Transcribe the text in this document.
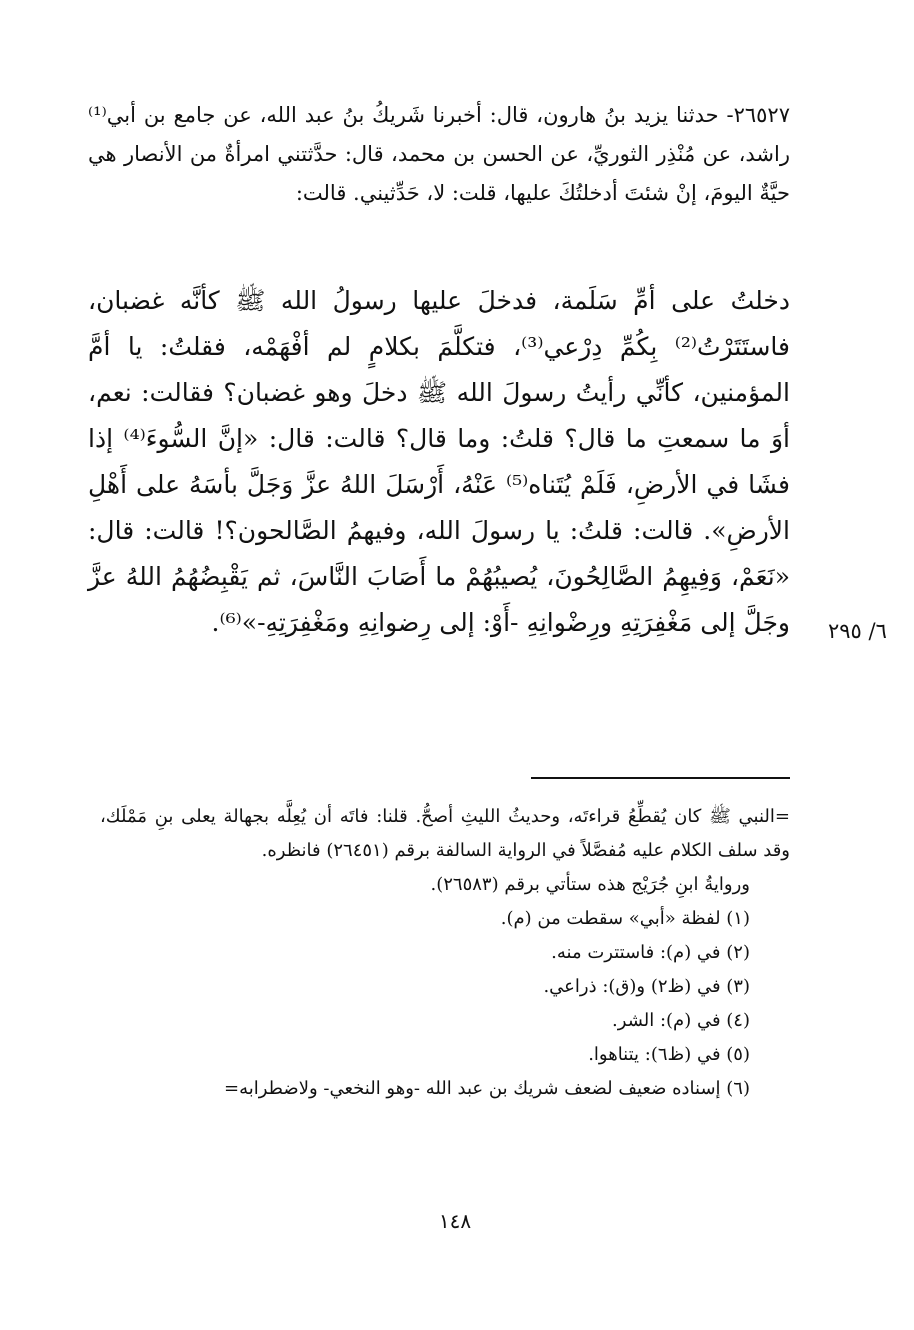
٢٦٥٢٧- حدثنا يزيد بنُ هارون، قال: أخبرنا شَريكُ بنُ عبد الله، عن جامع بن أبي⁽¹⁾ راشد، عن مُنْذِر الثوريِّ، عن الحسن بن محمد، قال: حدَّثتني امرأةٌ من الأنصار هي حيَّةٌ اليومَ، إنْ شئتَ أدخلتُكَ عليها، قلت: لا، حَدِّثيني. قالت:

دخلتُ على أمِّ سَلَمة، فدخلَ عليها رسولُ الله ﷺ كأنَّه غضبان، فاستَتَرْتُ⁽²⁾ بِكُمِّ دِرْعي⁽³⁾، فتكلَّمَ بكلامٍ لم أفْهَمْه، فقلتُ: يا أمَّ المؤمنين، كأنِّي رأيتُ رسولَ الله ﷺ دخلَ وهو غضبان؟ فقالت: نعم، أوَ ما سمعتِ ما قال؟ قلتُ: وما قال؟ قالت: قال: «إنَّ السُّوءَ⁽⁴⁾ إذا فشَا في الأرضِ، فَلَمْ يُتَناه⁽⁵⁾ عَنْهُ، أَرْسَلَ اللهُ عزَّ وَجَلَّ بأسَهُ على أَهْلِ الأرضِ». قالت: قلتُ: يا رسولَ الله، وفيهمُ الصَّالحون؟! قالت: قال: «نَعَمْ، وَفِيهِمُ الصَّالِحُونَ، يُصيبُهُمْ ما أَصَابَ النَّاسَ، ثم يَقْبِضُهُمُ اللهُ عزَّ وجَلَّ إلى مَغْفِرَتِهِ ورِضْوانِهِ -أَوْ: إلى رِضوانِهِ ومَغْفِرَتِهِ-»⁽⁶⁾. ٦/ ٢٩٥

=النبي ﷺ كان يُقطِّعُ قراءتَه، وحديثُ الليثِ أصحُّ. قلنا: فاتَه أن يُعِلَّه بجهالة يعلى بنِ مَمْلَك، وقد سلف الكلام عليه مُفصَّلاً في الرواية السالفة برقم (٢٦٤٥١) فانظره.

وروايةُ ابنِ جُرَيْج هذه ستأتي برقم (٢٦٥٨٣).

(١) لفظة «أبي» سقطت من (م).

(٢) في (م): فاستترت منه.

(٣) في (ظ٢) و(ق): ذراعي.

(٤) في (م): الشر.

(٥) في (ظ٦): يتناهوا.

(٦) إسناده ضعيف لضعف شريك بن عبد الله -وهو النخعي- ولاضطرابه=

١٤٨
